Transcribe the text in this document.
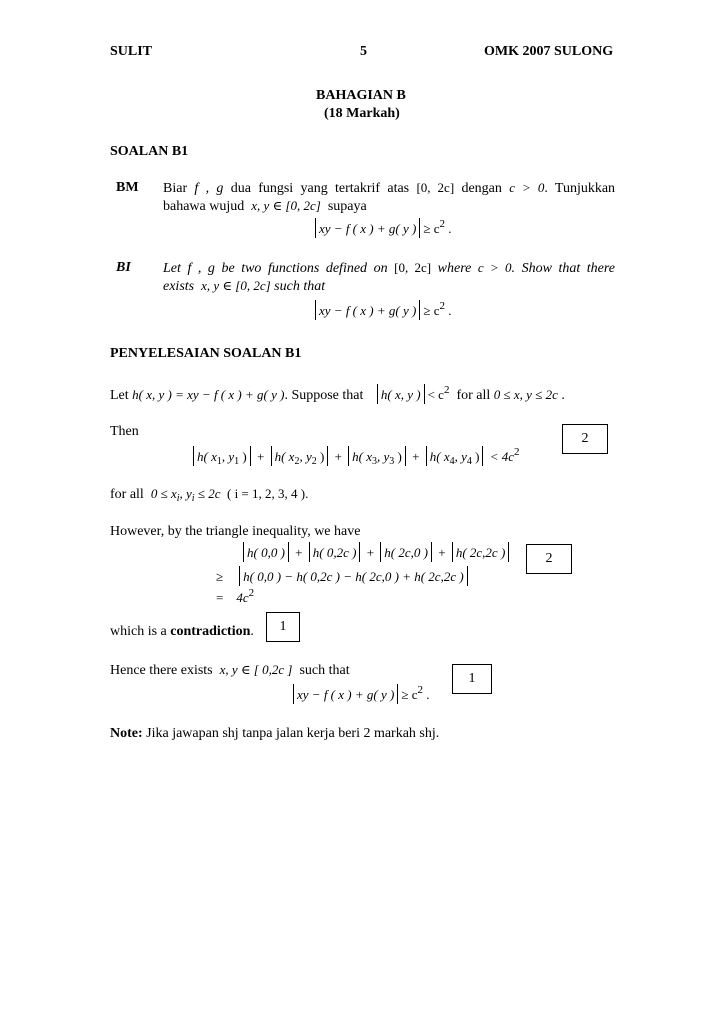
SULIT	5	OMK 2007 SULONG
BAHAGIAN B
(18 Markah)
SOALAN B1
BM Biar f , g dua fungsi yang tertakrif atas [0, 2c] dengan c > 0. Tunjukkan
bahawa wujud x, y ∈ [0, 2c] supaya
xy − f ( x ) + g( y ) ≥ $c^2$ .
BI Let f , g be two functions defined on [0, 2c] where c > 0. Show that there
exists x, y ∈ [0, 2c] such that
xy − f ( x ) + g( y ) ≥ $c^2$ .
PENYELESAIAN SOALAN B1
Let h( x, y ) = xy − f ( x ) + g( y ). Suppose that h( x, y ) < $c^2$ for all 0 ≤ x, y ≤ 2c .
Then	2
h( $x_1$, $y_1$ ) + h( $x_2$, $y_2$ ) + h( $x_3$, $y_3$ ) + h( $x_4$, $y_4$ ) < $4c^2$
for all $0 \le x_i$, $y_i \le 2c$ ( i = 1, 2, 3, 4 ).
However, by the triangle inequality, we have
h( 0,0 ) + h( 0,2c ) + h( 2c,0 ) + h( 2c,2c )	2
≥ h( 0,0 ) − h( 0,2c ) − h( 2c,0 ) + h( 2c,2c )
= $4c^2$
1
which is a contradiction.
Hence there exists x, y ∈ [ 0,2c ] such that
1
xy − f ( x ) + g( y ) ≥ $c^2$ .
Note: Jika jawapan shj tanpa jalan kerja beri 2 markah shj.
